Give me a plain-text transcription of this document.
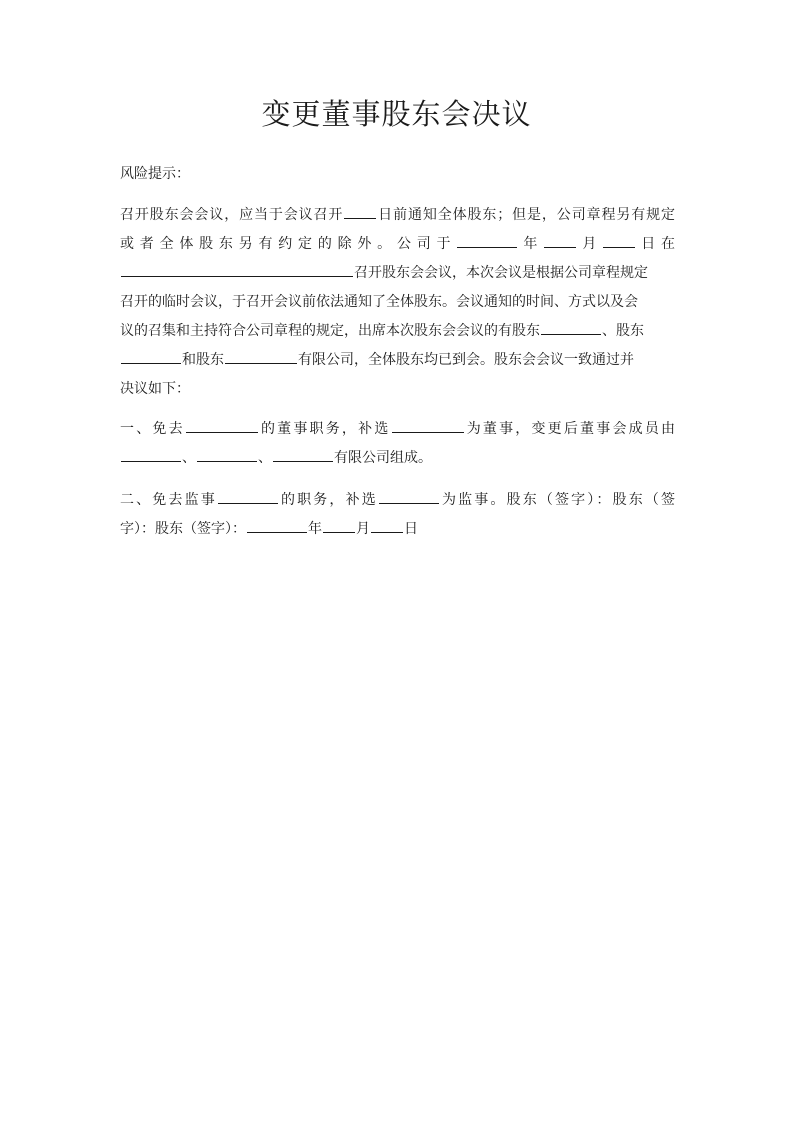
变更董事股东会决议

风险提示：

召开股东会会议，应当于会议召开 日前通知全体股东；但是，公司章程另有规定
或 者 全 体 股 东 另 有 约 定 的 除 外 。 公 司 于	年	月	日 在
召开股东会会议，本次会议是根据公司章程规定
召开的临时会议，于召开会议前依法通知了全体股东。会议通知的时间、方式以及会
议的召集和主持符合公司章程的规定，出席本次股东会会议的有股东	、股东
和股东	有限公司，全体股东均已到会。股东会会议一致通过并
决议如下：
一、免去	的董事职务，补选	为董事，变更后董事会成员由
、	、	有限公司组成。
二、免去监事	的职务，补选	为监事。股东（签字）：股东（签
字）：股东（签字）：	年 月 日
